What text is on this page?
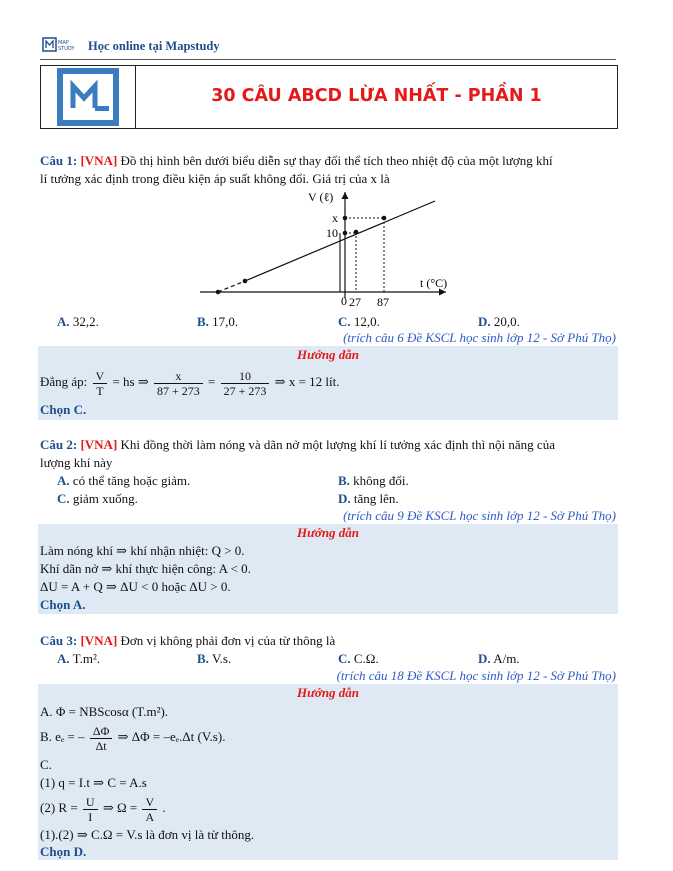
MAP
STUDY Học online tại Mapstudy
30 CÂU ABCD LỪA NHẤT - PHẦN 1
Câu 1: [VNA] Đồ thị hình bên dưới biểu diễn sự thay đổi thể tích theo nhiệt độ của một lượng khí
lí tưởng xác định trong điều kiện áp suất không đổi. Giá trị của x là
V (ℓ)
t (°C)
x
10
0 27 87
A. 32,2.	B. 17,0.	C. 12,0.	D. 20,0.
(trích câu 6 Đề KSCL học sinh lớp 12 - Sở Phú Thọ)
Hướng dẫn
Đẳng áp: $\frac{V}{T}$ = hs ⇒ $\frac{x}{87 + 273} = \frac{10}{27 + 273}$ ⇒ x = 12 lít.
Chọn C.
Câu 2: [VNA] Khi đồng thời làm nóng và dãn nở một lượng khí lí tưởng xác định thì nội năng của
lượng khí này
A. có thể tăng hoặc giảm.	B. không đổi.
C. giảm xuống.	D. tăng lên.
(trích câu 9 Đề KSCL học sinh lớp 12 - Sở Phú Thọ)
Hướng dẫn
Làm nóng khí ⇒ khí nhận nhiệt: Q > 0.
Khí dãn nở ⇒ khí thực hiện công: A < 0.
ΔU = A + Q ⇒ ΔU < 0 hoặc ΔU > 0.
Chọn A.
Câu 3: [VNA] Đơn vị không phải đơn vị của từ thông là
A. T.m².	B. V.s.	C. C.Ω.	D. A/m.
(trích câu 18 Đề KSCL học sinh lớp 12 - Sở Phú Thọ)
Hướng dẫn
A. Φ = NBScosα (T.m²).
B. eₑ = – $\frac{\Delta\Phi}{\Delta t}$ ⇒ ΔΦ = –eₑ.Δt (V.s).
C.
(1) q = I.t ⇒ C = A.s
(2) $R = \frac{U}{I}$ ⇒ $\Omega = \frac{V}{A}$ .
(1).(2) ⇒ C.Ω = V.s là đơn vị là từ thông.
Chọn D.
